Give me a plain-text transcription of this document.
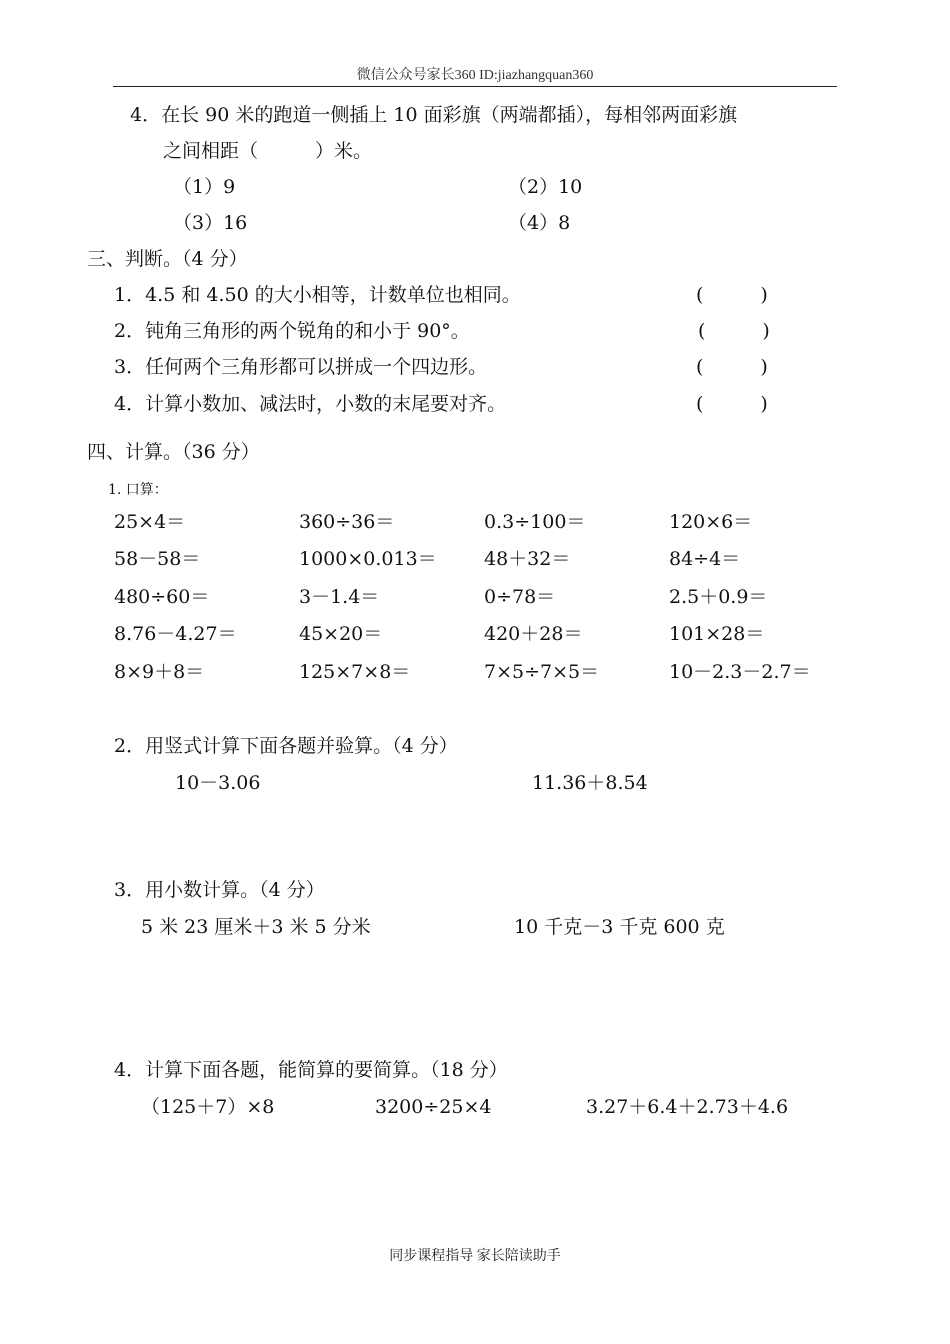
微信公众号家长360 ID:jiazhangquan360
4．在长 90 米的跑道一侧插上 10 面彩旗（两端都插），每相邻两面彩旗
之间相距（　　　）米。
（1）9	（2）10
（3）16	（4）8
三、判断。（4 分）
1．4.5 和 4.50 的大小相等，计数单位也相同。	(　　　)
2．钝角三角形的两个锐角的和小于 90°。	(　　　)
3．任何两个三角形都可以拼成一个四边形。	(　　　)
4．计算小数加、减法时，小数的末尾要对齐。	(　　　)
四、计算。（36 分）
1. 口算：
25×4＝	360÷36＝	0.3÷100＝	120×6＝
58－58＝	1000×0.013＝ 48＋32＝	84÷4＝
480÷60＝	3－1.4＝	0÷78＝	2.5＋0.9＝
8.76－4.27＝	45×20＝	420＋28＝	101×28＝
8×9＋8＝	125×7×8＝	7×5÷7×5＝	10－2.3－2.7＝
2．用竖式计算下面各题并验算。（4 分）
10－3.06	11.36＋8.54
3．用小数计算。（4 分）
5 米 23 厘米＋3 米 5 分米	10 千克－3 千克 600 克
4．计算下面各题，能简算的要简算。（18 分）
（125＋7）×8	3200÷25×4	3.27＋6.4＋2.73＋4.6
同步课程指导 家长陪读助手
